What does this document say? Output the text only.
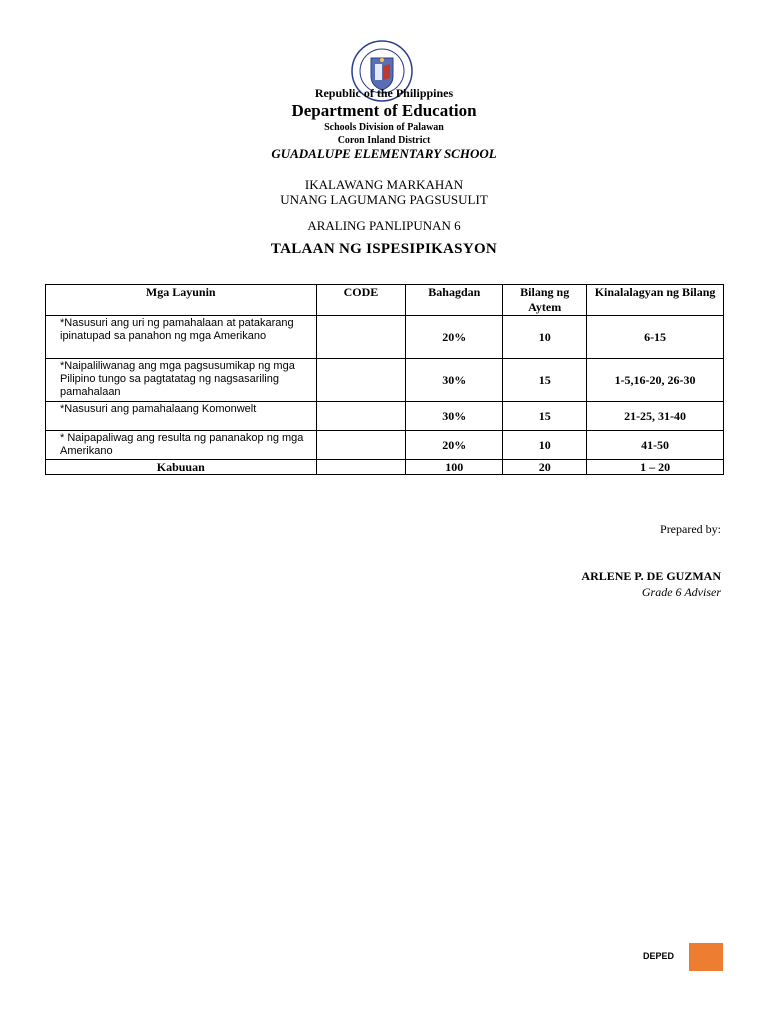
Republic of the Philippines
Department of Education
Schools Division of Palawan
Coron Inland District
GUADALUPE ELEMENTARY SCHOOL
IKALAWANG MARKAHAN
UNANG LAGUMANG PAGSUSULIT
ARALING PANLIPUNAN 6
TALAAN NG ISPESIPIKASYON
Mga Layunin	CODE	Bahagdan	Bilang ng Aytem	Kinalalagyan ng Bilang
*Nasusuri ang uri ng pamahalaan at patakarang ipinatupad sa panahon ng mga Amerikano		20%	10	6-15
*Naipaliliwanag ang mga pagsusumikap ng mga Pilipino tungo sa pagtatatag ng nagsasariling pamahalaan		30%	15	1-5,16-20, 26-30
*Nasusuri ang pamahalaang Komonwelt		30%	15	21-25, 31-40
* Naipapaliwag ang resulta ng pananakop ng mga Amerikano		20%	10	41-50
Kabuuan		100	20	1 – 20
Prepared by:
ARLENE P. DE GUZMAN
Grade 6 Adviser
DEPED
